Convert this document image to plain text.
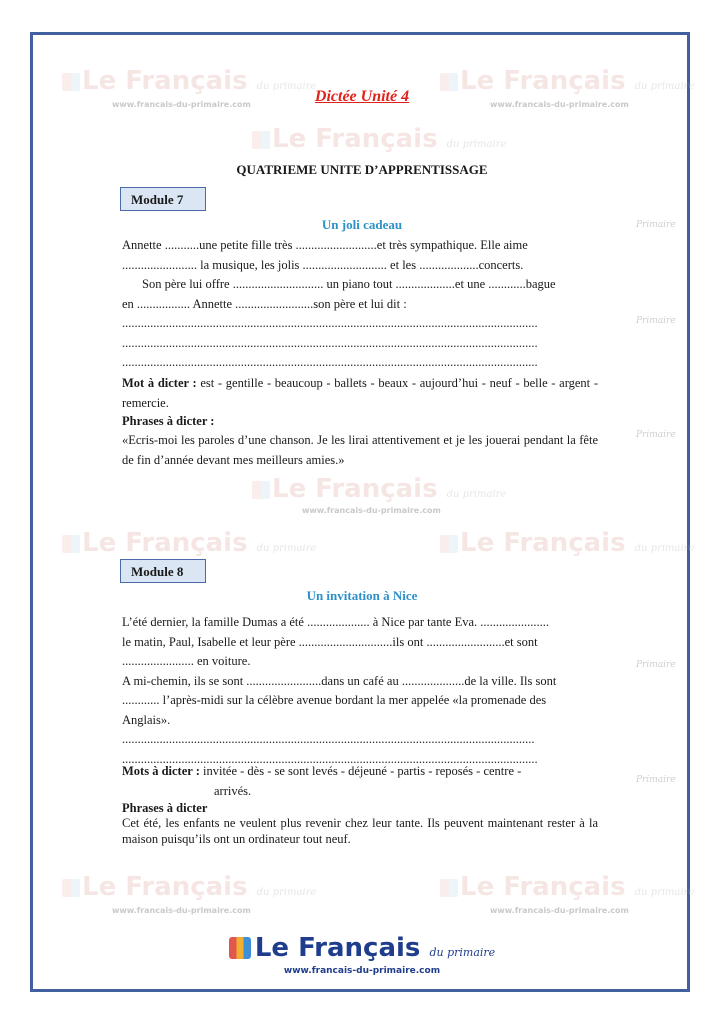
Le Français du primaire
www.francais-du-primaire.com
Le Français du primaire
www.francais-du-primaire.com
Le Français du primaire
Le Français du primaire
www.francais-du-primaire.com
Le Français du primaire	Le Français du primaire
Le Français du primaire
www.francais-du-primaire.com
Le Français du primaire
www.francais-du-primaire.com
Primaire
Primaire
Primaire
Primaire
Primaire
Dictée Unité 4
QUATRIEME UNITE D’APPRENTISSAGE
Module 7
Un joli cadeau
Annette ...........une petite fille très ..........................et très sympathique. Elle aime
........................ la musique, les jolis ........................... et les ...................concerts.
Son père lui offre ............................. un piano tout ...................et une ............bague
en ................. Annette .........................son père et lui dit :
.....................................................................................................................................
.....................................................................................................................................
.....................................................................................................................................
Mot à dicter : est - gentille - beaucoup - ballets - beaux - aujourd’hui - neuf - belle - argent - remercie.
Phrases à dicter :
«Ecris-moi les paroles d’une chanson. Je les lirai attentivement et je les jouerai pendant la fête de fin d’année devant mes meilleurs amies.»
Module 8
Un invitation à Nice
L’été dernier, la famille Dumas a été .................... à Nice par tante Eva. ......................
le matin, Paul, Isabelle et leur père ..............................ils ont .........................et sont
....................... en voiture.
A mi-chemin, ils se sont ........................dans un café au ....................de la ville. Ils sont
............ l’après-midi sur la célèbre avenue bordant la mer appelée «la promenade des
Anglais».
....................................................................................................................................
.....................................................................................................................................
Mots à dicter : invitée - dès - se sont levés - déjeuné - partis - reposés - centre -
arrivés.
Phrases à dicter
Cet été, les enfants ne veulent plus revenir chez leur tante. Ils peuvent maintenant rester à la maison puisqu’ils ont un ordinateur tout neuf.
Le Français du primaire
www.francais-du-primaire.com
